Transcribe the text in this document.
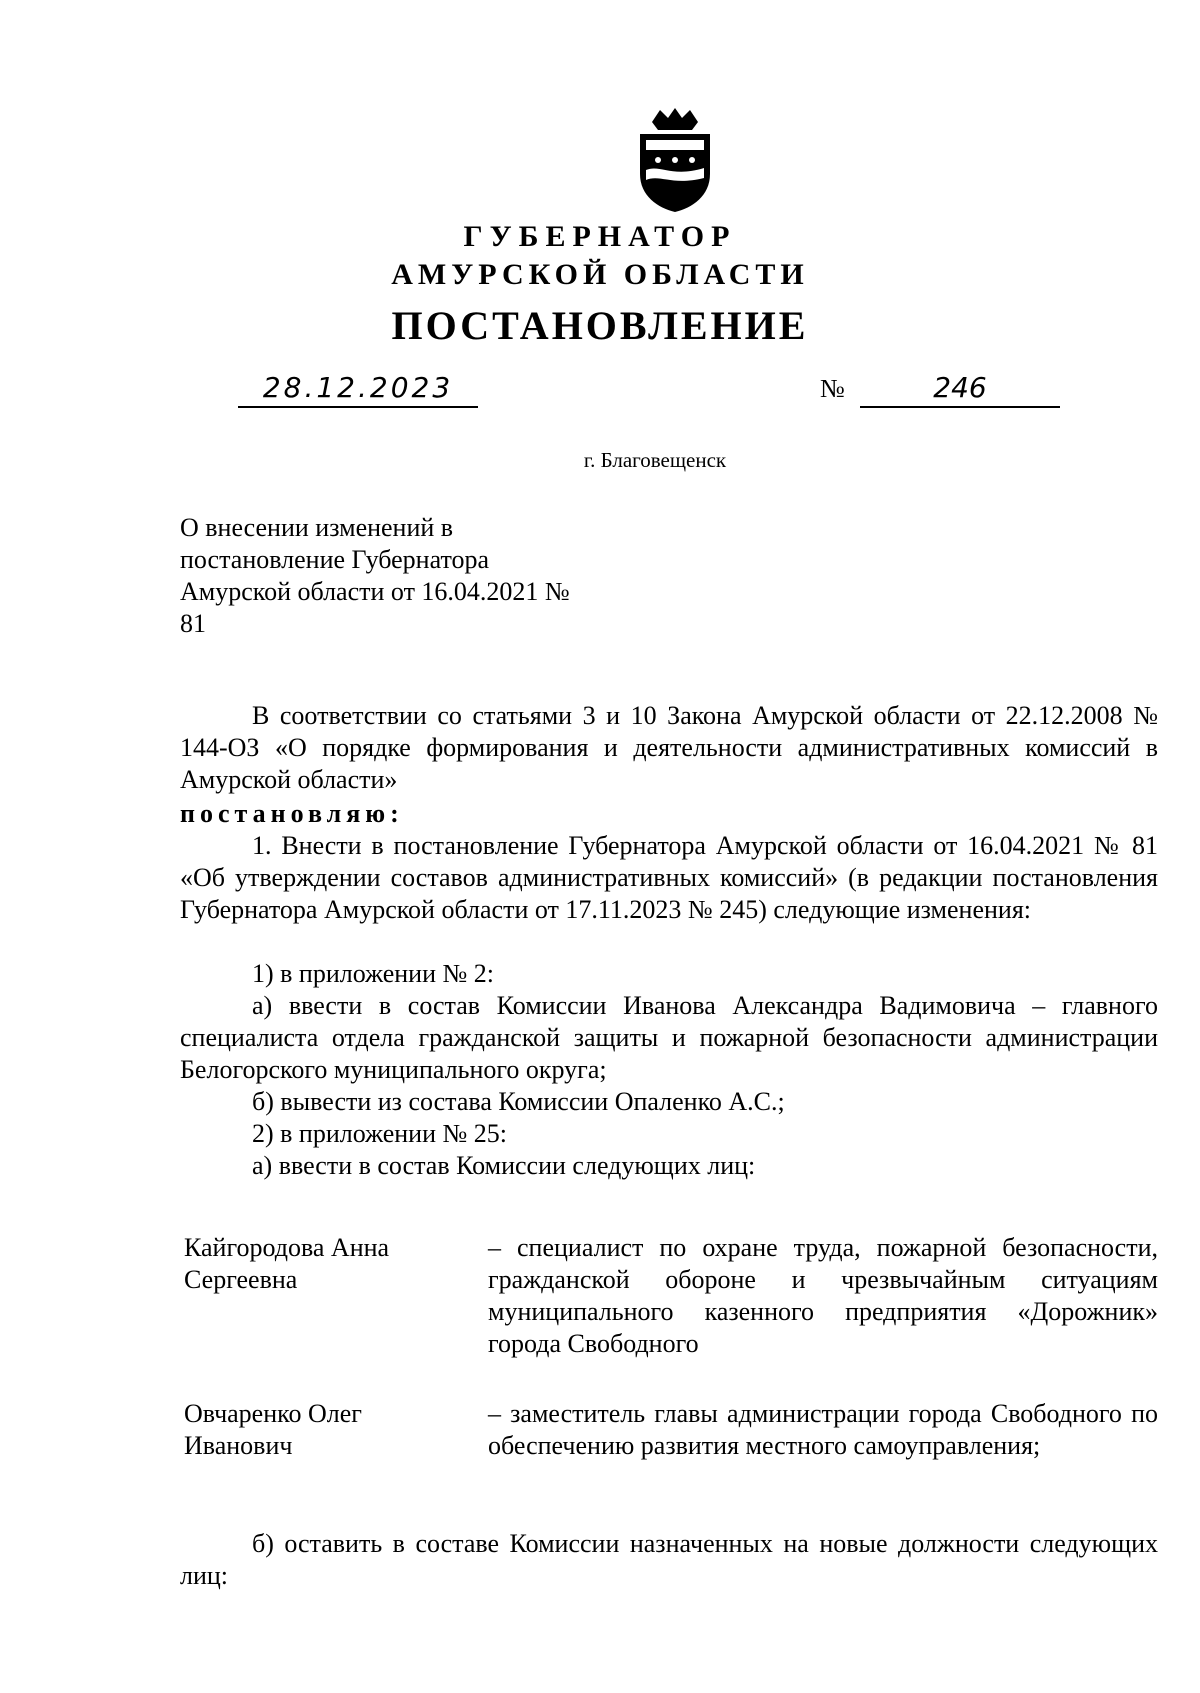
ГУБЕРНАТОР
АМУРСКОЙ ОБЛАСТИ
ПОСТАНОВЛЕНИЕ
28.12.2023	№	246
г. Благовещенск
О внесении изменений в постановление Губернатора Амурской области от 16.04.2021 № 81
В соответствии со статьями 3 и 10 Закона Амурской области от 22.12.2008 № 144-ОЗ «О порядке формирования и деятельности административных комиссий в Амурской области»
постановляю:
1. Внести в постановление Губернатора Амурской области от 16.04.2021 № 81 «Об утверждении составов административных комиссий» (в редакции постановления Губернатора Амурской области от 17.11.2023 № 245) следующие изменения:
1) в приложении № 2:
а) ввести в состав Комиссии Иванова Александра Вадимовича – главного специалиста отдела гражданской защиты и пожарной безопасности администрации Белогорского муниципального округа;
б) вывести из состава Комиссии Опаленко А.С.;
2) в приложении № 25:
а) ввести в состав Комиссии следующих лиц:
Кайгородова Анна Сергеевна
– специалист по охране труда, пожарной безопасности, гражданской обороне и чрезвычайным ситуациям муниципального казенного предприятия «Дорожник» города Свободного
Овчаренко Олег Иванович
– заместитель главы администрации города Свободного по обеспечению развития местного самоуправления;
б) оставить в составе Комиссии назначенных на новые должности следующих лиц:
